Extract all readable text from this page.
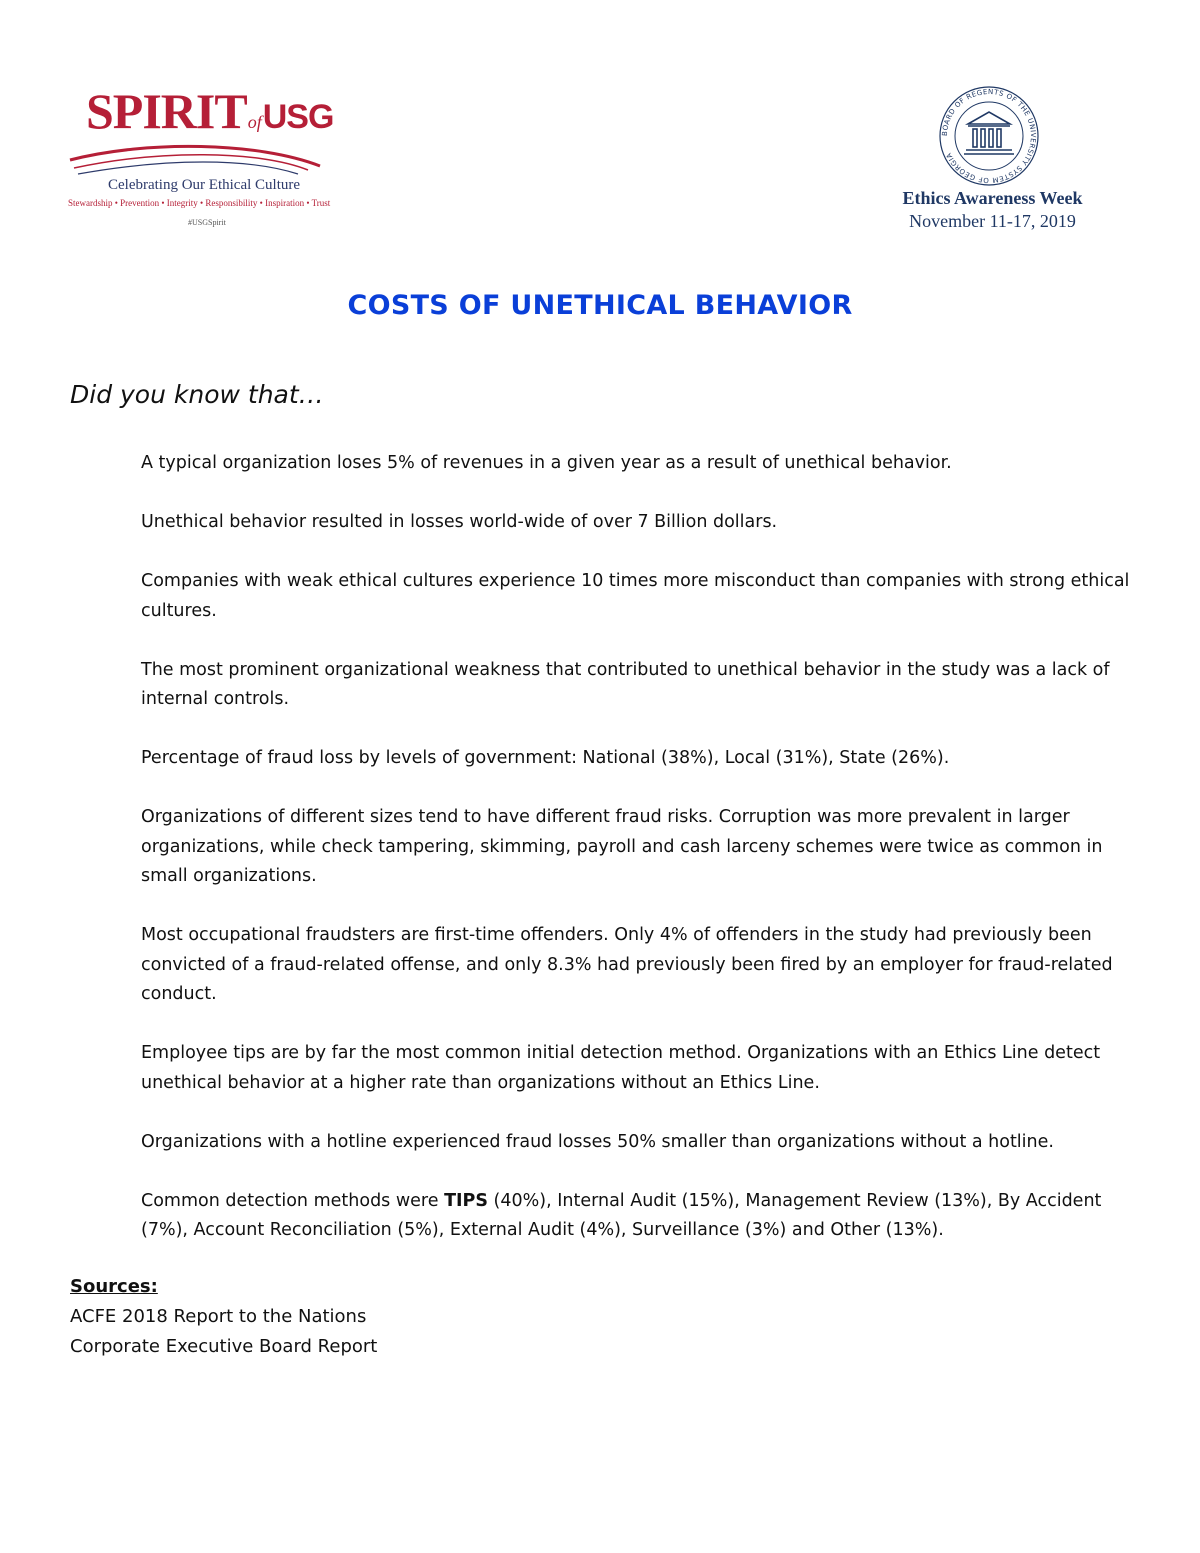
SPIRITofUSG
Celebrating Our Ethical Culture
Stewardship • Prevention • Integrity • Responsibility • Inspiration • Trust
#USGSpirit
BOARD OF REGENTS OF THE UNIVERSITY SYSTEM OF GEORGIA
Ethics Awareness Week
November 11-17, 2019
COSTS OF UNETHICAL BEHAVIOR
Did you know that…
A typical organization loses 5% of revenues in a given year as a result of unethical behavior.
Unethical behavior resulted in losses world-wide of over 7 Billion dollars.
Companies with weak ethical cultures experience 10 times more misconduct than companies with strong ethical cultures.
The most prominent organizational weakness that contributed to unethical behavior in the study was a lack of internal controls.
Percentage of fraud loss by levels of government: National (38%), Local (31%), State (26%).
Organizations of different sizes tend to have different fraud risks. Corruption was more prevalent in larger organizations, while check tampering, skimming, payroll and cash larceny schemes were twice as common in small organizations.
Most occupational fraudsters are first-time offenders. Only 4% of offenders in the study had previously been convicted of a fraud-related offense, and only 8.3% had previously been fired by an employer for fraud-related conduct.
Employee tips are by far the most common initial detection method. Organizations with an Ethics Line detect unethical behavior at a higher rate than organizations without an Ethics Line.
Organizations with a hotline experienced fraud losses 50% smaller than organizations without a hotline.
Common detection methods were TIPS (40%), Internal Audit (15%), Management Review (13%), By Accident (7%), Account Reconciliation (5%), External Audit (4%), Surveillance (3%) and Other (13%).
Sources:
ACFE 2018 Report to the Nations
Corporate Executive Board Report
